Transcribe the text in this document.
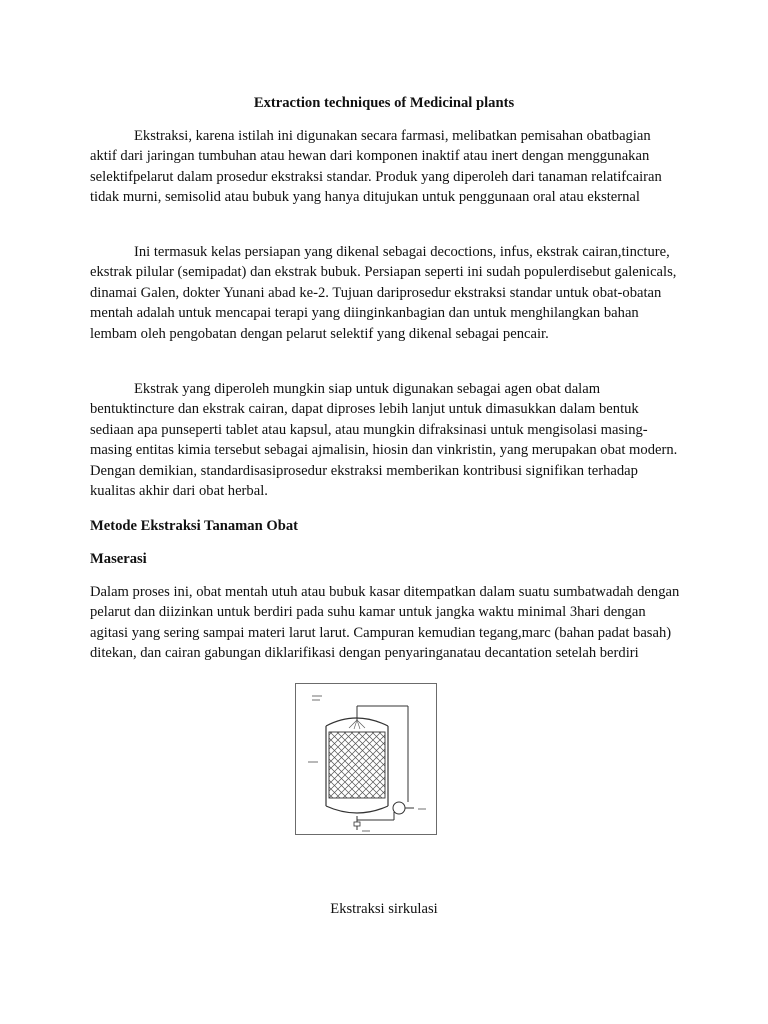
Extraction techniques of Medicinal plants

Ekstraksi, karena istilah ini digunakan secara farmasi, melibatkan pemisahan obatbagian aktif dari jaringan tumbuhan atau hewan dari komponen inaktif atau inert dengan menggunakan selektifpelarut dalam prosedur ekstraksi standar. Produk yang diperoleh dari tanaman relatifcairan tidak murni, semisolid atau bubuk yang hanya ditujukan untuk penggunaan oral atau eksternal

Ini termasuk kelas persiapan yang dikenal sebagai decoctions, infus, ekstrak cairan,tincture, ekstrak pilular (semipadat) dan ekstrak bubuk. Persiapan seperti ini sudah populerdisebut galenicals, dinamai Galen, dokter Yunani abad ke-2. Tujuan dariprosedur ekstraksi standar untuk obat-obatan mentah adalah untuk mencapai terapi yang diinginkanbagian dan untuk menghilangkan bahan lembam oleh pengobatan dengan pelarut selektif yang dikenal sebagai pencair.

Ekstrak yang diperoleh mungkin siap untuk digunakan sebagai agen obat dalam bentuktincture dan ekstrak cairan, dapat diproses lebih lanjut untuk dimasukkan dalam bentuk sediaan apa punseperti tablet atau kapsul, atau mungkin difraksinasi untuk mengisolasi masing-masing entitas kimia tersebut sebagai ajmalisin, hiosin dan vinkristin, yang merupakan obat modern. Dengan demikian, standardisasiprosedur ekstraksi memberikan kontribusi signifikan terhadap kualitas akhir dari obat herbal.

Metode Ekstraksi Tanaman Obat
Maserasi

Dalam proses ini, obat mentah utuh atau bubuk kasar ditempatkan dalam suatu sumbatwadah dengan pelarut dan diizinkan untuk berdiri pada suhu kamar untuk jangka waktu minimal 3hari dengan agitasi yang sering sampai materi larut larut. Campuran kemudian tegang,marc (bahan padat basah) ditekan, dan cairan gabungan diklarifikasi dengan penyaringanatau decantation setelah berdiri

Ekstraksi sirkulasi
